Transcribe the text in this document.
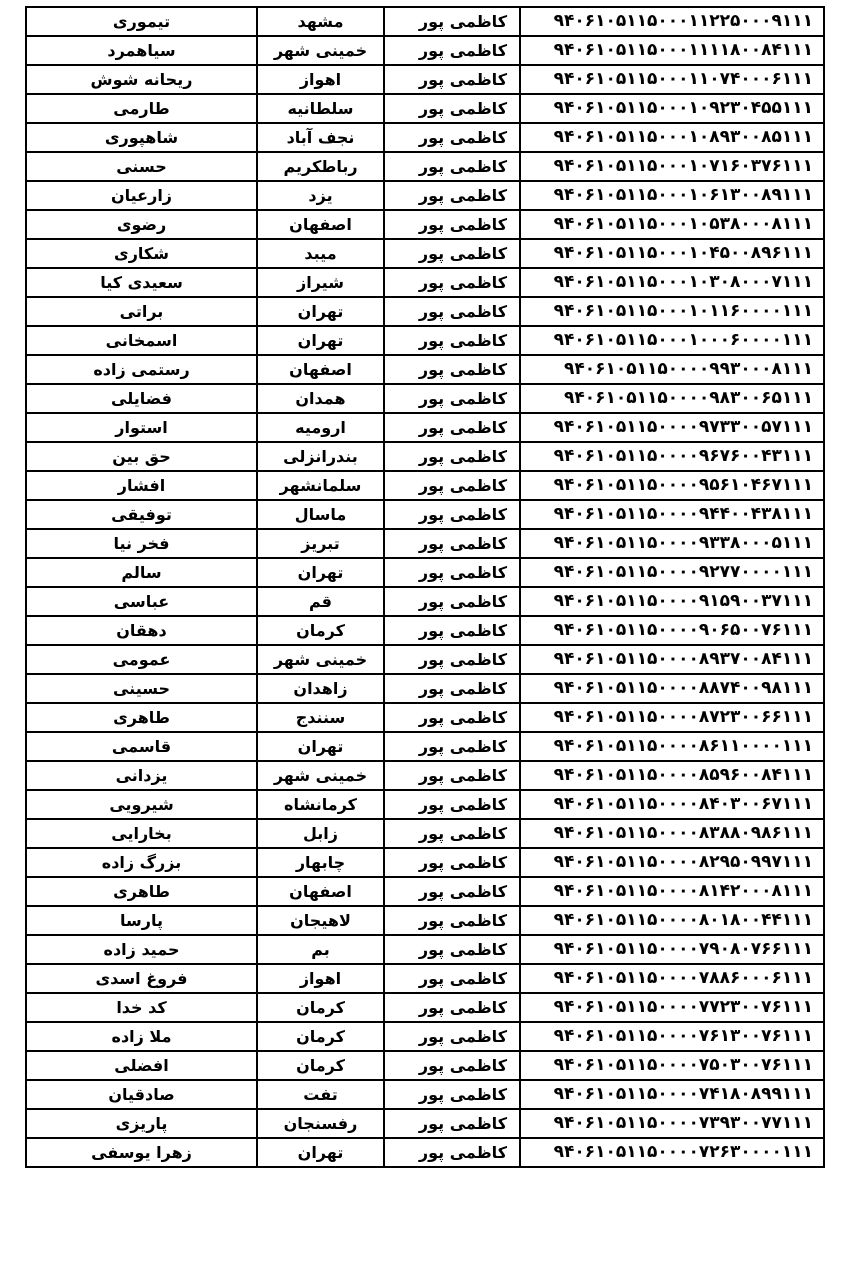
تیموری	مشهد	کاظمی پور	۹۴۰۶۱۰۵۱۱۵۰۰۰۱۱۲۲۵۰۰۰۹۱۱۱
سیاهمرد	خمینی شهر	کاظمی پور	۹۴۰۶۱۰۵۱۱۵۰۰۰۱۱۱۱۸۰۰۸۴۱۱۱
ریحانه شوش	اهواز	کاظمی پور	۹۴۰۶۱۰۵۱۱۵۰۰۰۱۱۰۷۴۰۰۰۶۱۱۱
طارمی	سلطانیه	کاظمی پور	۹۴۰۶۱۰۵۱۱۵۰۰۰۱۰۹۲۳۰۴۵۵۱۱۱
شاهپوری	نجف آباد	کاظمی پور	۹۴۰۶۱۰۵۱۱۵۰۰۰۱۰۸۹۳۰۰۸۵۱۱۱
حسنی	رباطکریم	کاظمی پور	۹۴۰۶۱۰۵۱۱۵۰۰۰۱۰۷۱۶۰۳۷۶۱۱۱
زارعیان	یزد	کاظمی پور	۹۴۰۶۱۰۵۱۱۵۰۰۰۱۰۶۱۳۰۰۸۹۱۱۱
رضوی	اصفهان	کاظمی پور	۹۴۰۶۱۰۵۱۱۵۰۰۰۱۰۵۳۸۰۰۰۸۱۱۱
شکاری	میبد	کاظمی پور	۹۴۰۶۱۰۵۱۱۵۰۰۰۱۰۴۵۰۰۸۹۶۱۱۱
سعیدی کیا	شیراز	کاظمی پور	۹۴۰۶۱۰۵۱۱۵۰۰۰۱۰۳۰۸۰۰۰۷۱۱۱
براتی	تهران	کاظمی پور	۹۴۰۶۱۰۵۱۱۵۰۰۰۱۰۱۱۶۰۰۰۰۱۱۱
اسمخانی	تهران	کاظمی پور	۹۴۰۶۱۰۵۱۱۵۰۰۰۱۰۰۰۶۰۰۰۰۱۱۱
رستمی زاده	اصفهان	کاظمی پور	۹۴۰۶۱۰۵۱۱۵۰۰۰۰۹۹۳۰۰۰۸۱۱۱
فضایلی	همدان	کاظمی پور	۹۴۰۶۱۰۵۱۱۵۰۰۰۰۹۸۳۰۰۶۵۱۱۱
استوار	ارومیه	کاظمی پور	۹۴۰۶۱۰۵۱۱۵۰۰۰۰۹۷۳۳۰۰۵۷۱۱۱
حق بین	بندرانزلی	کاظمی پور	۹۴۰۶۱۰۵۱۱۵۰۰۰۰۹۶۷۶۰۰۴۳۱۱۱
افشار	سلمانشهر	کاظمی پور	۹۴۰۶۱۰۵۱۱۵۰۰۰۰۹۵۶۱۰۴۶۷۱۱۱
توفیقی	ماسال	کاظمی پور	۹۴۰۶۱۰۵۱۱۵۰۰۰۰۹۴۴۰۰۴۳۸۱۱۱
فخر نیا	تبریز	کاظمی پور	۹۴۰۶۱۰۵۱۱۵۰۰۰۰۹۳۳۸۰۰۰۵۱۱۱
سالم	تهران	کاظمی پور	۹۴۰۶۱۰۵۱۱۵۰۰۰۰۹۲۷۷۰۰۰۰۱۱۱
عباسی	قم	کاظمی پور	۹۴۰۶۱۰۵۱۱۵۰۰۰۰۹۱۵۹۰۰۳۷۱۱۱
دهقان	کرمان	کاظمی پور	۹۴۰۶۱۰۵۱۱۵۰۰۰۰۹۰۶۵۰۰۷۶۱۱۱
عمومی	خمینی شهر	کاظمی پور	۹۴۰۶۱۰۵۱۱۵۰۰۰۰۸۹۳۷۰۰۸۴۱۱۱
حسینی	زاهدان	کاظمی پور	۹۴۰۶۱۰۵۱۱۵۰۰۰۰۸۸۷۴۰۰۹۸۱۱۱
طاهری	سنندج	کاظمی پور	۹۴۰۶۱۰۵۱۱۵۰۰۰۰۸۷۲۳۰۰۶۶۱۱۱
قاسمی	تهران	کاظمی پور	۹۴۰۶۱۰۵۱۱۵۰۰۰۰۸۶۱۱۰۰۰۰۱۱۱
یزدانی	خمینی شهر	کاظمی پور	۹۴۰۶۱۰۵۱۱۵۰۰۰۰۸۵۹۶۰۰۸۴۱۱۱
شیرویی	کرمانشاه	کاظمی پور	۹۴۰۶۱۰۵۱۱۵۰۰۰۰۸۴۰۳۰۰۶۷۱۱۱
بخارایی	زابل	کاظمی پور	۹۴۰۶۱۰۵۱۱۵۰۰۰۰۸۳۸۸۰۹۸۶۱۱۱
بزرگ زاده	چابهار	کاظمی پور	۹۴۰۶۱۰۵۱۱۵۰۰۰۰۸۲۹۵۰۹۹۷۱۱۱
طاهری	اصفهان	کاظمی پور	۹۴۰۶۱۰۵۱۱۵۰۰۰۰۸۱۴۲۰۰۰۸۱۱۱
پارسا	لاهیجان	کاظمی پور	۹۴۰۶۱۰۵۱۱۵۰۰۰۰۸۰۱۸۰۰۴۴۱۱۱
حمید زاده	بم	کاظمی پور	۹۴۰۶۱۰۵۱۱۵۰۰۰۰۷۹۰۸۰۷۶۶۱۱۱
فروغ اسدی	اهواز	کاظمی پور	۹۴۰۶۱۰۵۱۱۵۰۰۰۰۷۸۸۶۰۰۰۶۱۱۱
کد خدا	کرمان	کاظمی پور	۹۴۰۶۱۰۵۱۱۵۰۰۰۰۷۷۲۳۰۰۷۶۱۱۱
ملا زاده	کرمان	کاظمی پور	۹۴۰۶۱۰۵۱۱۵۰۰۰۰۷۶۱۳۰۰۷۶۱۱۱
افضلی	کرمان	کاظمی پور	۹۴۰۶۱۰۵۱۱۵۰۰۰۰۷۵۰۳۰۰۷۶۱۱۱
صادقیان	تفت	کاظمی پور	۹۴۰۶۱۰۵۱۱۵۰۰۰۰۷۴۱۸۰۸۹۹۱۱۱
پاریزی	رفسنجان	کاظمی پور	۹۴۰۶۱۰۵۱۱۵۰۰۰۰۷۳۹۳۰۰۷۷۱۱۱
زهرا یوسفی	تهران	کاظمی پور	۹۴۰۶۱۰۵۱۱۵۰۰۰۰۷۲۶۳۰۰۰۰۱۱۱
